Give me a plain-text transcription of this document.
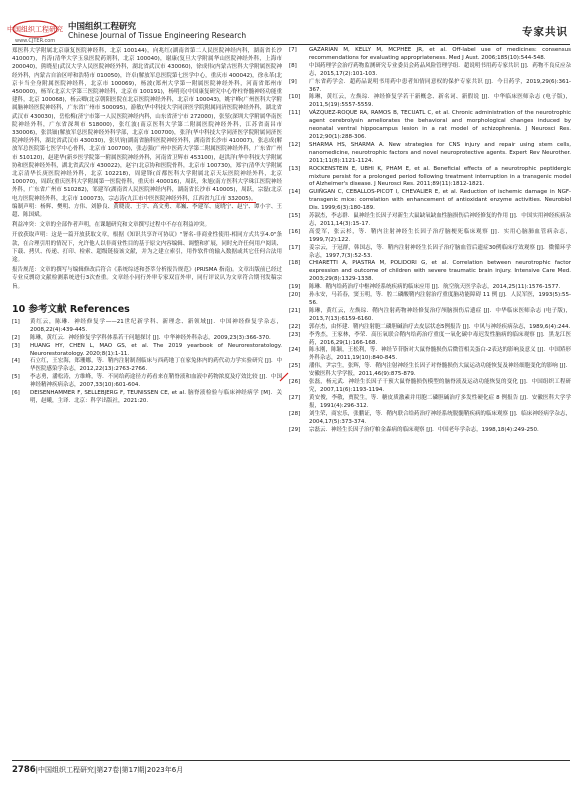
中国组织工程研究
www.CJTER.com
中国组织工程研究
Chinese Journal of Tissue Engineering Research	专家共识

郑医科大学附属北京康复医院神经科，北京 100144)，向兆红(湖南省第二人民医院神经内科，湖南省长沙 410007)，肖涛(清华大学玉泉医院药剂科，北京 100040)，谢康(复旦大学附属华山医院神经外科，上海市 200040)，熊晓星(武汉大学人民医院神经外科，湖北省武汉市 430060)，徐成伟(内蒙古医科大学附属医院神经外科，内蒙古自治区呼和浩特市 010050)，许卓(解放军总医院第七医学中心，重庆市 400042)，徐永革(北京卡当全身附属医院神经科，北京市 100069)，杨波(郑州大学第一附属医院神经外科，河南省郑州市 450000)，杨军(北京大学第三医院神经科，北京市 100191)，杨明亮(中国康复研究中心脊柱脊髓神经功能重建科，北京 100068)，杨云卿(北京朝阳医院在北京医院神经外科，北京市 100043)，姚宇峰(广州医科大学附属脑神经医院神经科，广东省广州市 500095)，游敏(华中科技大学同济医学院附属同济医院神经外科，湖北省武汉市 430030)，岳松梅(济宁市第一人民医院神经内科，山东省济宁市 272000)，张堃(深圳大学附属华南医院神经外科，广东省深圳市 518000)，张红波(南京医科大学第二附属医院神经外科，江苏省南昌市 330006)，张洪钿(解放军总医院神经外科学部，北京市 100700)，张洋(华中科技大学同济医学院附属同济医院神经外科，湖北省武汉市 430030)，张贝钧(湖南省脑科医院神经外科，湖南省长沙市 410007)，张志成(解放军总医院第七医学中心骨科，北京市 100700)，张志强(广州中医药大学第二附属医院神经外科，广东省广州市 510120)，赵建华(新乡医学院第一附属医院神经外科，河南省卫辉市 453100)，赵洪洋(华中科技大学附属协和医院神经外科，湖北省武汉市 430022)，赵宇(北京协和医院骨科，北京市 100730)，郑宇(清华大学附属北京清华长庚医院神经外科，北京 102218)，周建锋(首都医科大学附属北京天坛医院神经外科，北京 100070)，周跃(重庆医科大学附属第一医院骨科，重庆市 400016)，周跃，朱旭(南方医科大学珠江医院神经外科，广东省广州市 510282)，邹建军(湖南省人民医院神经内科，湖南省长沙市 410005)，周跃，宗磊(北京电力医院神经外科，北京市 100073)，宗志涛(九江市中医医院神经外科，江西省九江市 332005)。

编制声明：杨辉、樊明、方伟、刘静良、黄晓凌、王宇、高文勇、邓巍、李建军、庞晓宁、赵宁、谭小宇、王超、陈国斌。

利益冲突：文章的全部作者声明，在课题研究和文章撰写过程中不存在利益冲突。

开放获取声明：这是一篇开放获取文章，根据《知识共享许可协议》"署名-非商业性使用-相同方式共享4.0"条款，在合理引用的情况下，允许他人以非商业性目的基于原文内容编辑、调整和扩展，同时允许任何用户阅读、下载、拷贝、传递、打印、检索、超级链接该文献，并为之建立索引，用作软件的输入数据或其它任何合法用途。

报告规范：文章的撰写与编辑修改后符合《系统综述和荟萃分析报告规范》(PRISMA 指南)。文章出版前已经过专业反剽窃文献检测系统进行3次查重。文章经小同行外审专家双盲外审，同行评议认为文章符合期刊发稿宗旨。

10 参考文献 References
[1]	黄红云，陈琳．神经修复学——21世纪新学科、新理念、新领域[J]．中国神经修复学杂志，2008,22(4):439-445.
[2]	陈琳，黄红云．神经修复学学科体系若干问题探讨 [J]．中华神经外科杂志，2009,23(3):366-370.
[3]	HUANG HY, CHEN L, MAO GS, et al. The 2019 yearbook of Neurorestoratology. Neurorestoratology. 2020;8(1):1-11.
[4]	石立红，王宏海，郑珊娜，等．鞘内注射制剂临床与西药地丁在家兔体内的药代动力学实验研究 [J]．中华医院感染学杂志，2012,22(13):2763-2766.
[5]	李志勇，潘松涛，方维峰，等．不同给药途径方药看来在鞘脊液和血液中药物浓度及疗效比较 [J]．中国神经精神疾病杂志，2007,33(10):601-604.
[6]	DEISENHAMMER F, SELLEBJERG F, TEUNISSEN CE, et al. 脑脊液检验与临床神经病学 [M]．关明，赵曦，主译．北京：科学出版社，2021:20.
[7]	GAZARIAN M, KELLY M, MCPHEE JR, et al. Off-label use of medicines: consensus recommendations for evaluating appropriateness. Med J Aust. 2006;185(10):544-548.
[8]	中国药理学会治疗药物监测研究专业委员会药品风险管理学组．超说明书用药专家共识 [J]．药物不良反应杂志，2015,17(2):101-103.
[9]	广东省药学会．超药品说明书用药中患者知情同意权的保护专家共识 [J]．今日药学，2019,29(6):361-367.
[10]	陈琳，黄红云，左焕琮．神经修复学若干新概念、新名词、新假说 [J]．中华临床医师杂志 (电子版)，2011,5(19):5557-5559.
[11]	VÁZQUEZ-ROQUE RA, RAMOS B, TECUATL C, et al. Chronic administration of the neurotrophic agent cerebrolysin ameliorates the behavioral and morphological changes induced by neonatal ventral hippocampus lesion in a rat model of schizophrenia. J Neurosci Res. 2012;90(1):288-306.
[12]	SHARMA HS, SHARMA A. New strategies for CNS injury and repair using stem cells, nanomedicine, neurotrophic factors and novel neuroprotective agents. Expert Rev Neurother. 2011;11(8):1121-1124.
[13]	ROCKENSTEIN E, UBHI K, PHAM E, et al. Beneficial effects of a neurotrophic peptidergic mixture persist for a prolonged period following treatment interruption in a transgenic model of Alzheimer's disease. J Neurosci Res. 2011;89(11):1812-1821.
[14]	GUIÑGAN C, CEBALLOS-PICOT I, CHEVALIER E, et al. Reduction of ischemic damage in NGF-transgenic mice: correlation with enhancement of antioxidant enzyme activities. Neurobiol Dis. 1999;6(3):180-189.
[15]	苏淑杰，李志群．鼠神经生长因子对新生大鼠缺氧缺血性脑损伤后神经修复的作用 [J]．中国实用神经疾病杂志，2011,14(3):15-17.
[16]	高爱军，张云杉，等．鞘内注射神经生长因子治疗脑梗死临床观察 [J]．实用心脑肺血管病杂志，1999,7(2):122.
[17]	姜宗云，于冠群，韩国志，等．鞘内注射神经生长因子治疗脑血管后遗症30例临床疗效观察 [J]．微循环学杂志，1997,7(3):52-53.
[18]	CHIARETTI A, PIASTRA M, POLIDORI G, et al. Correlation between neurotrophic factor expression and outcome of children with severe traumatic brain injury. Intensive Care Med. 2003;29(8):1329-1338.
[19]	陈琳．鞘内给药治疗中枢神经系统疾病的临床应用 [J]．航空航天医学杂志，2014,25(11):1576-1577.
[20]	孙永安，马若春，窦玉明，等．腔二磷酸鞘内注射治疗重度脑功能障碍 11 例 [J]．人民军医，1993(5):55-56.
[21]	陈琳，黄红云，左焕琮．鞘内注射药物神经修复治疗颅脑损伤后遗症 [J]．中华临床医师杂志 (电子版)，2013,7(13):6159-6160.
[22]	郭存杰，由怀建．鞘内注射胞二磷胆碱治疗去皮层状态5例报告 [J]．中风与神经疾病杂志，1989,6(4):244.
[23]	李秀杰，王家林，李荣．高压氧联合鞘内给药治疗重度一氧化碳中毒迟发性脑病的临床观察 [J]．黑龙江医药，2016,29(1):166-168.
[24]	陈永刚，陈颖，王松利，等．神经节苷脂对大鼠脊髓损伤后微管相关蛋白-2表达的影响及意义 [J]．中国矫形外科杂志，2011,19(10):840-845.
[25]	潘伟，尹宗生，张辉，等．鞘内注射神经生长因子对脊髓损伤大鼠运动功能恢复及神经细胞变化的影响 [J]．安徽医科大学学报，2011,46(9):875-879.
[26]	张磊，杨元武．神经生长因子干预大鼠脊髓损伤模型的脑脊液及运动功能恢复的变化 [J]．中国组织工程研究，2007,11(6):1193-1194.
[27]	黄安俊，李敬，贾院生，等．糖皮质激素并用胞二磷胆碱治疗多发性硬化症 8 例报告 [J]．安徽医科大学学报，1991(4):296-312.
[28]	刘生荣，商宏乐，张鹏证，等．鞘内联合给药治疗神经系统脱髓鞘疾病的临床观察 [J]．临床神经病学杂志，2004,17(5):373-374.
[29]	宗磊云．神经生长因子治疗帕金森病的临床观察 [J]．中国老年学杂志，1998,18(4):249-250.
2786|中国组织工程研究|第27卷|第17期|2023年6月
